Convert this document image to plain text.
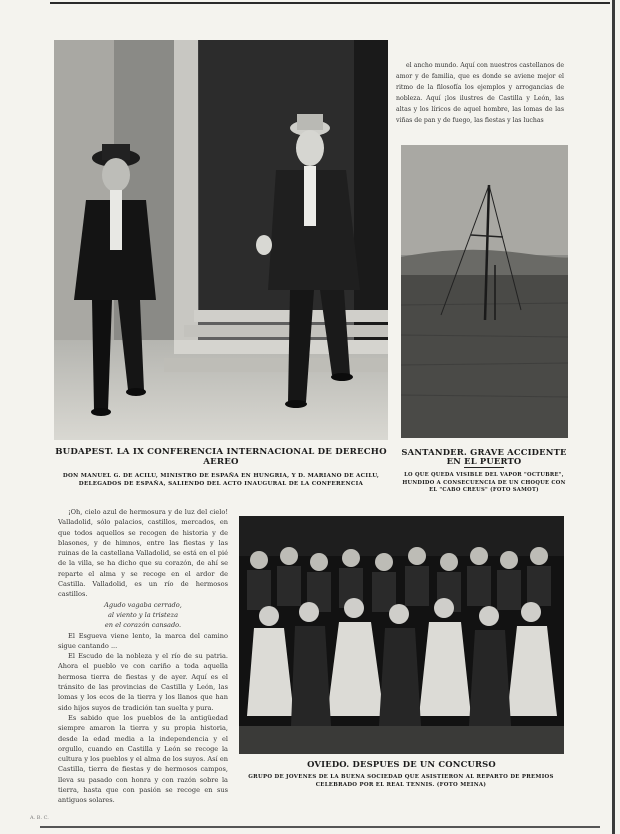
el ancho mundo. Aquí con nuestros castellanos de amor y de familia, que es donde se aviene mejor el ritmo de la filosofía los ejemplos y arrogancias de nobleza. Aquí ¡los ilustres de Castilla y León, las altas y los líricos de aquel hombre, las lomas de las viñas de pan y de fuego, las fiestas y las luchas

BUDAPEST. LA IX CONFERENCIA INTERNACIONAL DE DERECHO AEREO
DON MANUEL G. DE ACILU, MINISTRO DE ESPAÑA EN HUNGRIA, Y D. MARIANO DE ACILU, DELEGADOS DE ESPAÑA, SALIENDO DEL ACTO INAUGURAL DE LA CONFERENCIA
SANTANDER. GRAVE ACCIDENTE
EN EL PUERTO
LO QUE QUEDA VISIBLE DEL VAPOR "OCTUBRE", HUNDIDO A CONSECUENCIA DE UN CHOQUE CON EL "CABO CREUS" (FOTO SAMOT)

¡Oh, cielo azul de hermosura y de luz del cielo! Valladolid, sólo palacios, castillos, mercados, en que todos aquellos se recogen de historia y de blasones, y de himnos, entre las fiestas y las ruinas de la castellana Valladolid, se está en el pié de la villa, se ha dicho que su corazón, de ahí se reparte el alma y se recoge en el ardor de Castilla. Valladolid, es un río de hermosos castillos.

Agudo vagaba cerrado,

al viento y la tristeza

en el corazón cansado.

El Esgueva viene lento, la marca del camino sigue cantando ...

El Escudo de la nobleza y el río de su patria. Ahora el pueblo ve con cariño a toda aquella hermosa tierra de fiestas y de ayer. Aquí es el tránsito de las provincias de Castilla y León, las lomas y los ecos de la tierra y los llanos que han sido hijos suyos de tradición tan suelta y pura.

Es sabido que los pueblos de la antigüedad siempre amaron la tierra y su propia historia, desde la edad media a la independencia y el orgullo, cuando en Castilla y León se recoge la cultura y los pueblos y el alma de los suyos. Así en Castilla, tierra de fiestas y de hermosos campos, lleva su pasado con honra y con razón sobre la tierra, hasta que con pasión se recoge en sus antiguos solares.

OVIEDO. DESPUES DE UN CONCURSO
GRUPO DE JOVENES DE LA BUENA SOCIEDAD QUE ASISTIERON AL REPARTO DE PREMIOS CELEBRADO POR EL REAL TENNIS. (FOTO MEINA)
A. B. C.
